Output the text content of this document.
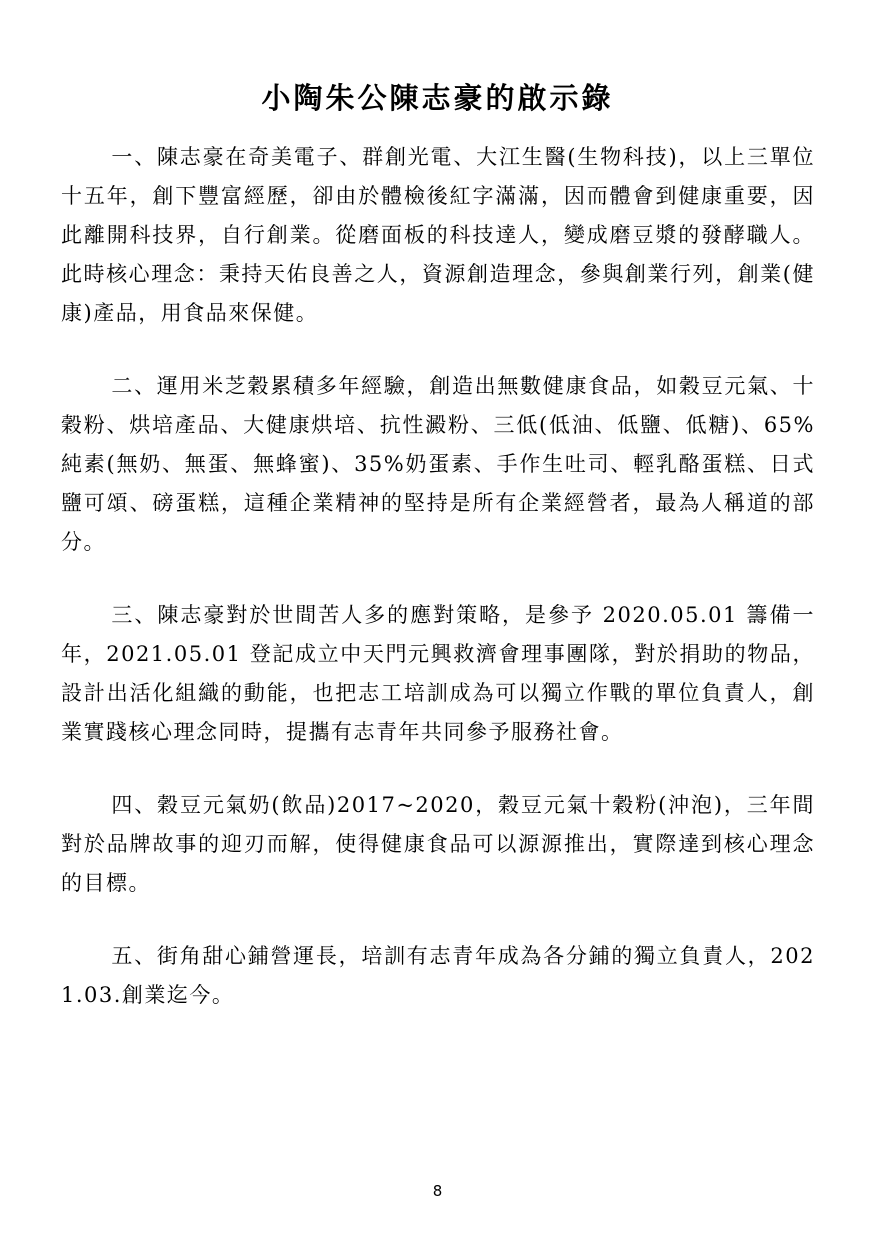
小陶朱公陳志豪的啟示錄

一、陳志豪在奇美電子、群創光電、大江生醫(生物科技)，以上三單位十五年，創下豐富經歷，卻由於體檢後紅字滿滿，因而體會到健康重要，因此離開科技界，自行創業。從磨面板的科技達人，變成磨豆漿的發酵職人。此時核心理念：秉持天佑良善之人，資源創造理念，參與創業行列，創業(健康)產品，用食品來保健。

二、運用米芝穀累積多年經驗，創造出無數健康食品，如穀豆元氣、十穀粉、烘培產品、大健康烘培、抗性澱粉、三低(低油、低鹽、低糖)、65%純素(無奶、無蛋、無蜂蜜)、35%奶蛋素、手作生吐司、輕乳酪蛋糕、日式鹽可頌、磅蛋糕，這種企業精神的堅持是所有企業經營者，最為人稱道的部分。

三、陳志豪對於世間苦人多的應對策略，是參予 2020.05.01 籌備一年，2021.05.01 登記成立中天門元興救濟會理事團隊，對於捐助的物品，設計出活化組織的動能，也把志工培訓成為可以獨立作戰的單位負責人，創業實踐核心理念同時，提攜有志青年共同參予服務社會。

四、穀豆元氣奶(飲品)2017~2020，穀豆元氣十穀粉(沖泡)，三年間對於品牌故事的迎刃而解，使得健康食品可以源源推出，實際達到核心理念的目標。

五、街角甜心鋪營運長，培訓有志青年成為各分鋪的獨立負責人，2021.03.創業迄今。

8
